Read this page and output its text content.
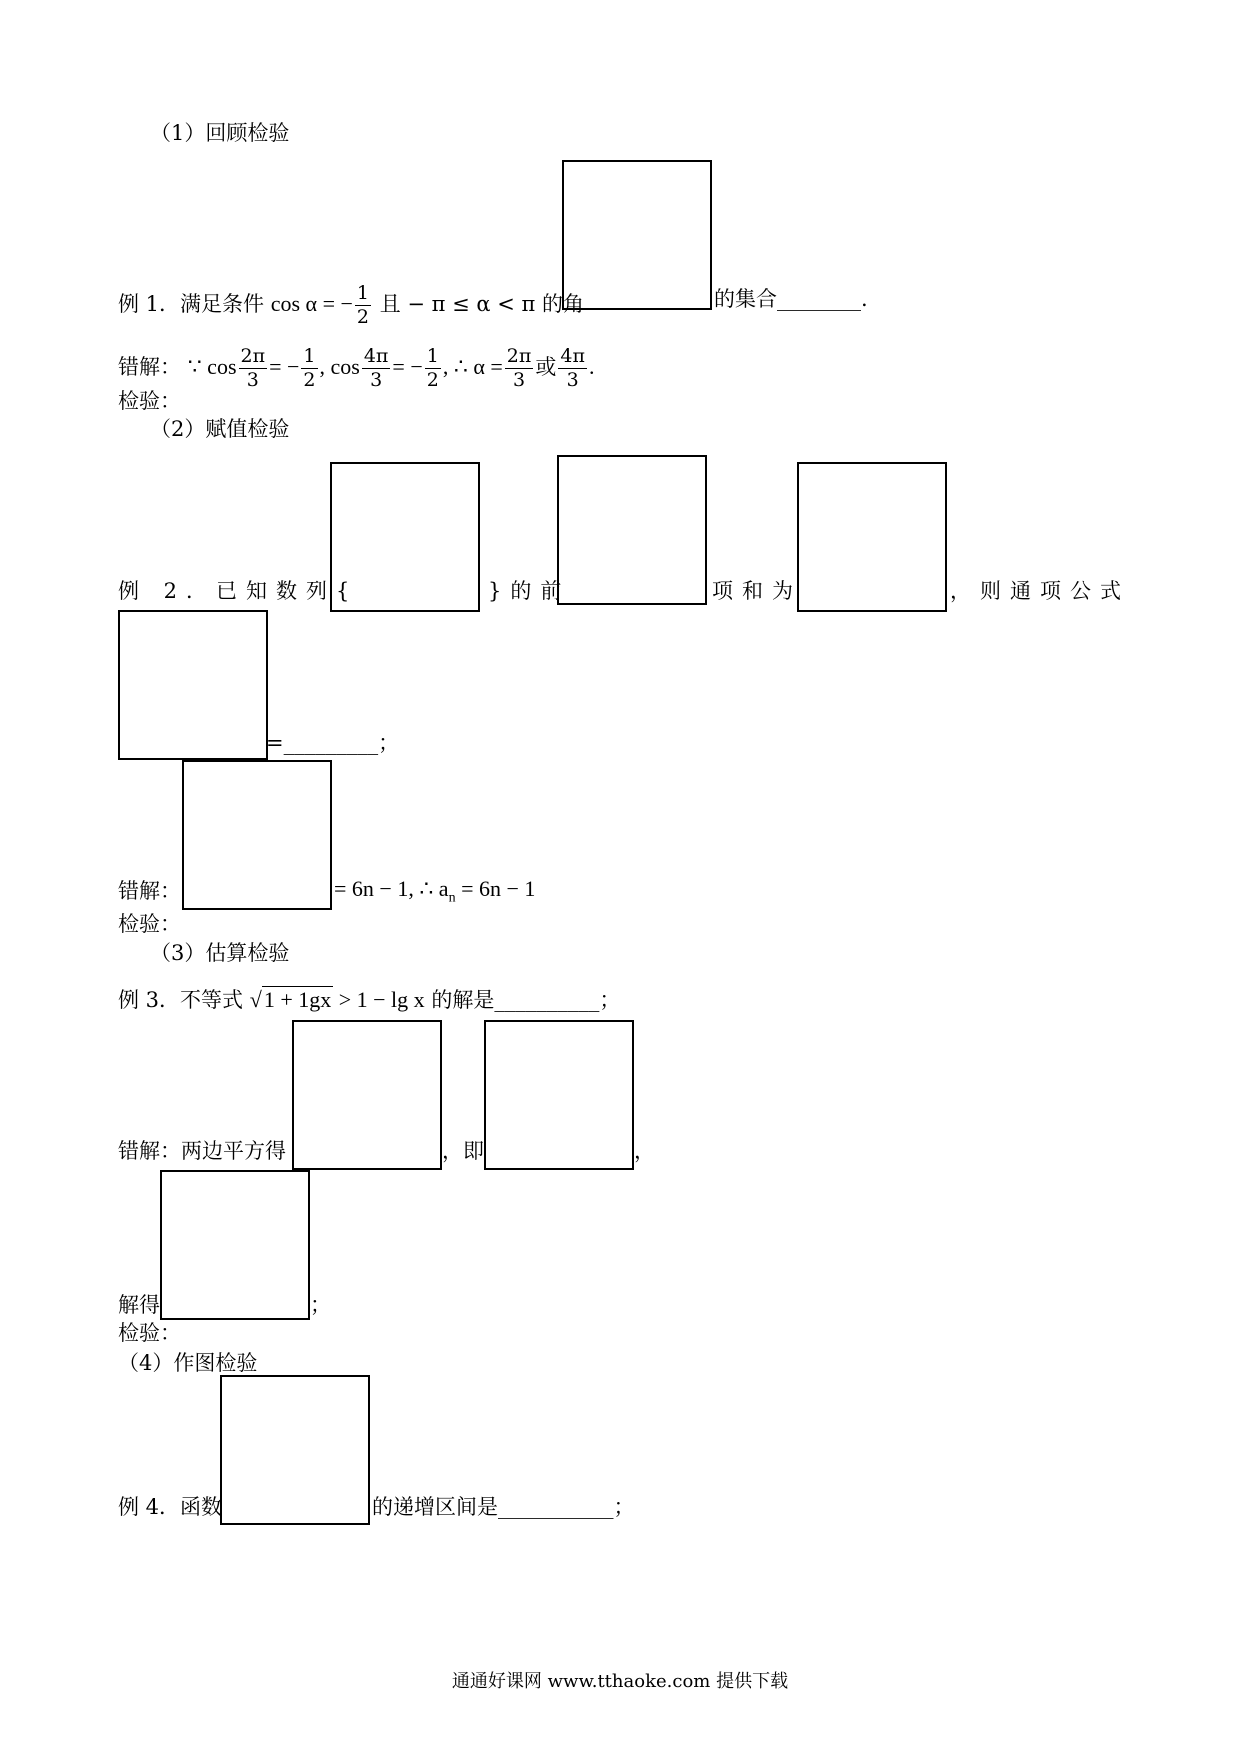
（1）回顾检验
例 1．满足条件 cos α = − $\frac{1}{2}$ 且 − π ≤ α < π 的角	的集合________.
错解： ∵ $\cos \frac{2\pi}{3}$ = − $\frac{1}{2}$ , $\cos \frac{4\pi}{3}$ = − $\frac{1}{2}$ , ∴ $\alpha = \frac{2\pi}{3}$ 或 $\frac{4\pi}{3}$ .
检验：
（2）赋值检验
例 2．已知数列{	}的前	项和为	，则通项公式
=_________；
错解：	= 6n − 1, ∴ $a_n = 6n - 1$
检验：
（3）估算检验
例 3．不等式 √1 + 1gx > 1 − lg x 的解是__________；
错解：两边平方得	，即	，
解得	；
检验：
（4）作图检验
例 4．函数	的递增区间是___________；
通通好课网 www.tthaoke.com 提供下载
